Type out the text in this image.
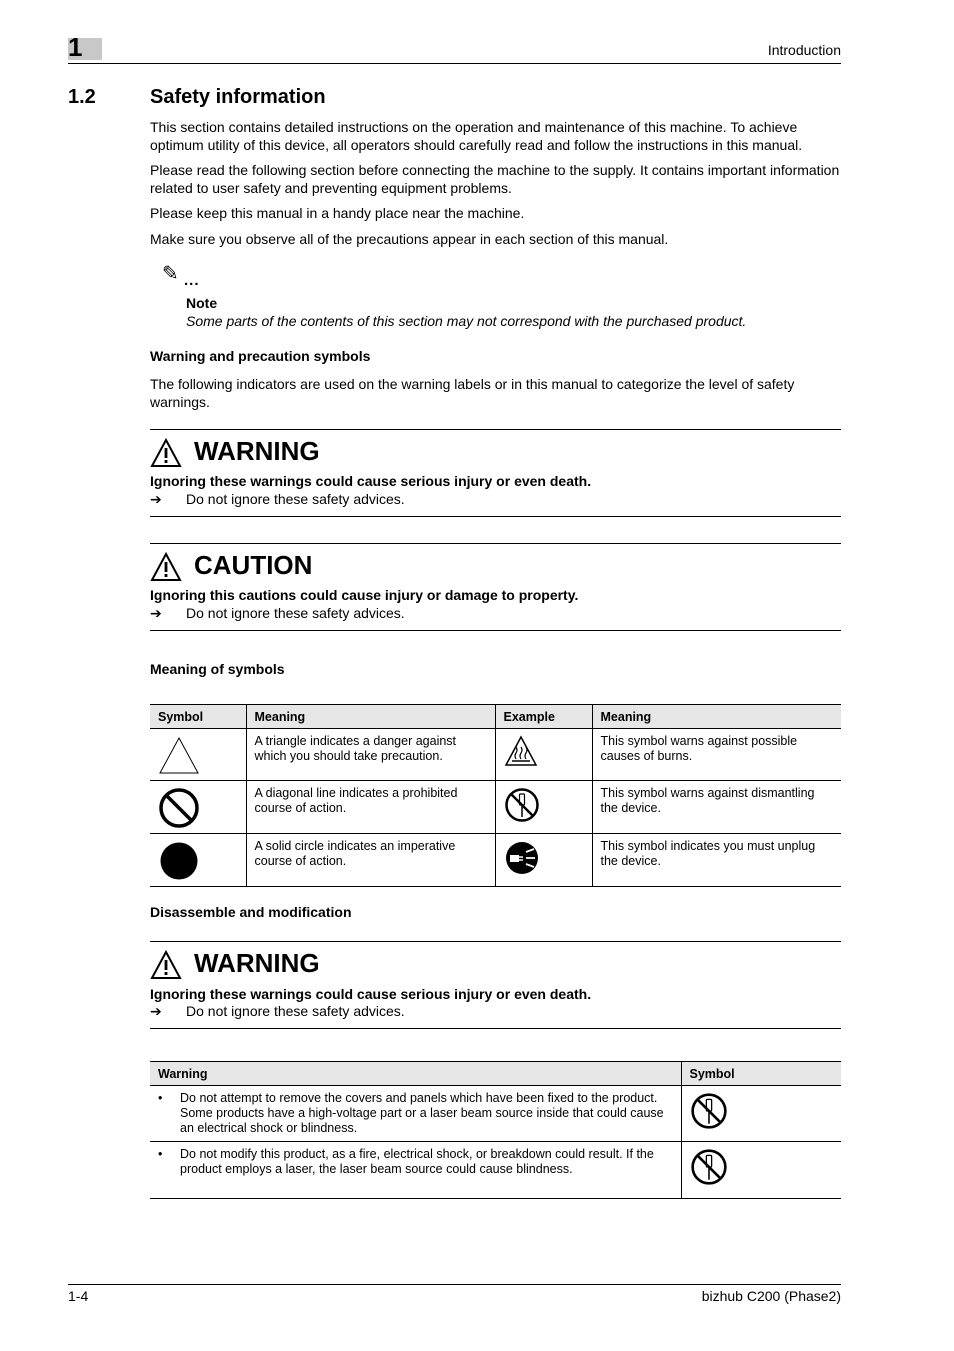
1	Introduction
1.2	Safety information
This section contains detailed instructions on the operation and maintenance of this machine. To achieve optimum utility of this device, all operators should carefully read and follow the instructions in this manual.
Please read the following section before connecting the machine to the supply. It contains important information related to user safety and preventing equipment problems.
Please keep this manual in a handy place near the machine.
Make sure you observe all of the precautions appear in each section of this manual.
✎ ...
Note
Some parts of the contents of this section may not correspond with the purchased product.
Warning and precaution symbols
The following indicators are used on the warning labels or in this manual to categorize the level of safety warnings.
WARNING
Ignoring these warnings could cause serious injury or even death.
➔ Do not ignore these safety advices.
CAUTION
Ignoring this cautions could cause injury or damage to property.
➔ Do not ignore these safety advices.
Meaning of symbols
Symbol	Meaning	Example	Meaning
	A triangle indicates a danger against which you should take precaution.		This symbol warns against possible causes of burns.
	A diagonal line indicates a prohibited course of action.		This symbol warns against dismantling the device.
	A solid circle indicates an imperative course of action.		This symbol indicates you must unplug the device.
Disassemble and modification
WARNING
Ignoring these warnings could cause serious injury or even death.
➔ Do not ignore these safety advices.
Warning	Symbol
• Do not attempt to remove the covers and panels which have been fixed to the product. Some products have a high-voltage part or a laser beam source inside that could cause an electrical shock or blindness.	
• Do not modify this product, as a fire, electrical shock, or breakdown could result. If the product employs a laser, the laser beam source could cause blindness.	
1-4	bizhub C200 (Phase2)
